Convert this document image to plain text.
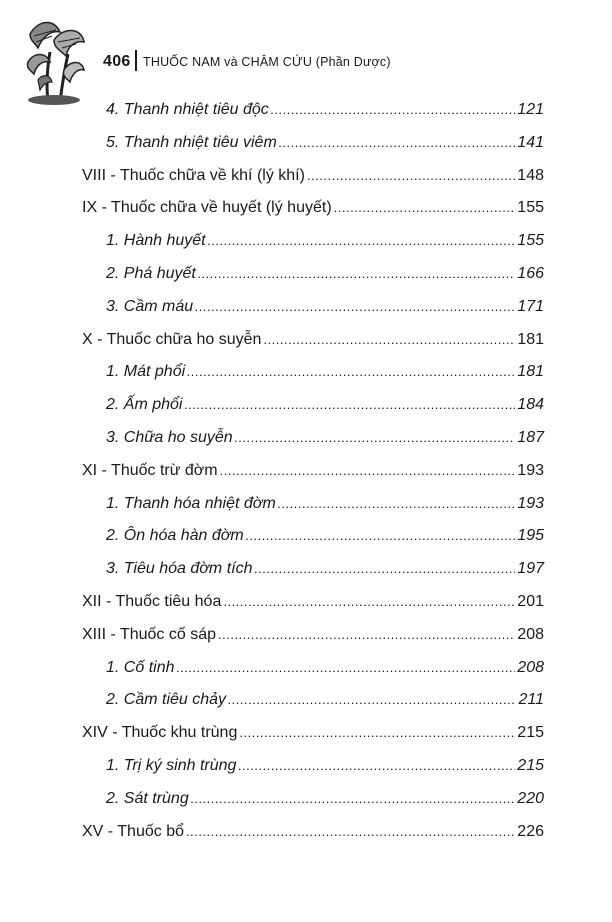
406 THUỐC NAM và CHÂM CỨU (Phần Dược)
4. Thanh nhiệt tiêu độc .....	121
5. Thanh nhiệt tiêu viêm .....	141
VIII - Thuốc chữa về khí (lý khí) .....	148
IX - Thuốc chữa về huyết (lý huyết) .....	155
1. Hành huyết .....	155
2. Phá huyết .....	166
3. Cầm máu .....	171
X - Thuốc chữa ho suyễn .....	181
1. Mát phổi .....	181
2. Ấm phổi .....	184
3. Chữa ho suyễn .....	187
XI - Thuốc trừ đờm .....	193
1. Thanh hóa nhiệt đờm .....	193
2. Ôn hóa hàn đờm .....	195
3. Tiêu hóa đờm tích .....	197
XII - Thuốc tiêu hóa .....	201
XIII - Thuốc cố sáp .....	208
1. Cố tinh .....	208
2. Cầm tiêu chảy .....	211
XIV - Thuốc khu trùng .....	215
1. Trị ký sinh trùng .....	215
2. Sát trùng .....	220
XV - Thuốc bổ .....	226
